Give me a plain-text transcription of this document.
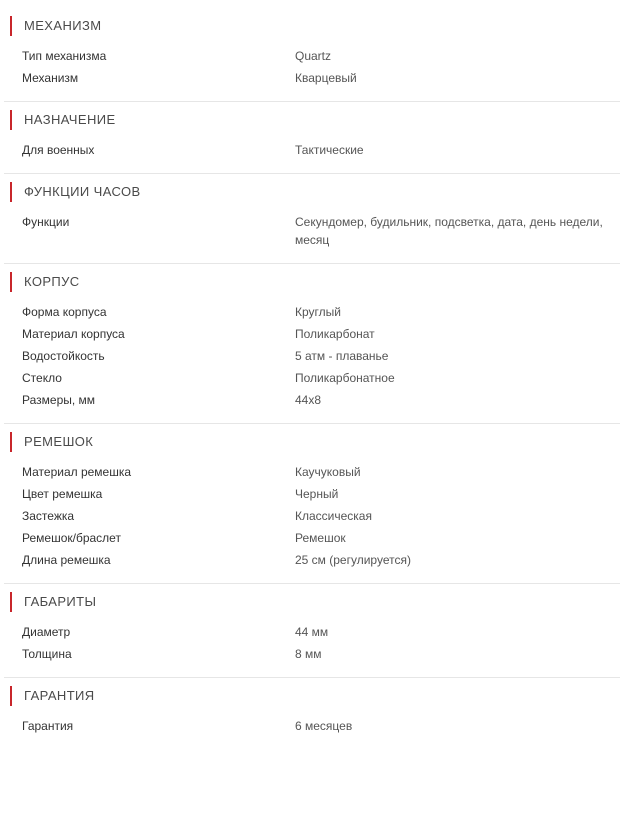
МЕХАНИЗМ
Тип механизма	Quartz
Механизм	Кварцевый
НАЗНАЧЕНИЕ
Для военных	Тактические
ФУНКЦИИ ЧАСОВ
Функции	Секундомер, будильник, подсветка, дата, день недели, месяц
КОРПУС
Форма корпуса	Круглый
Материал корпуса	Поликарбонат
Водостойкость	5 атм - плаванье
Стекло	Поликарбонатное
Размеры, мм	44x8
РЕМЕШОК
Материал ремешка	Каучуковый
Цвет ремешка	Черный
Застежка	Классическая
Ремешок/браслет	Ремешок
Длина ремешка	25 см (регулируется)
ГАБАРИТЫ
Диаметр	44 мм
Толщина	8 мм
ГАРАНТИЯ
Гарантия	6 месяцев
